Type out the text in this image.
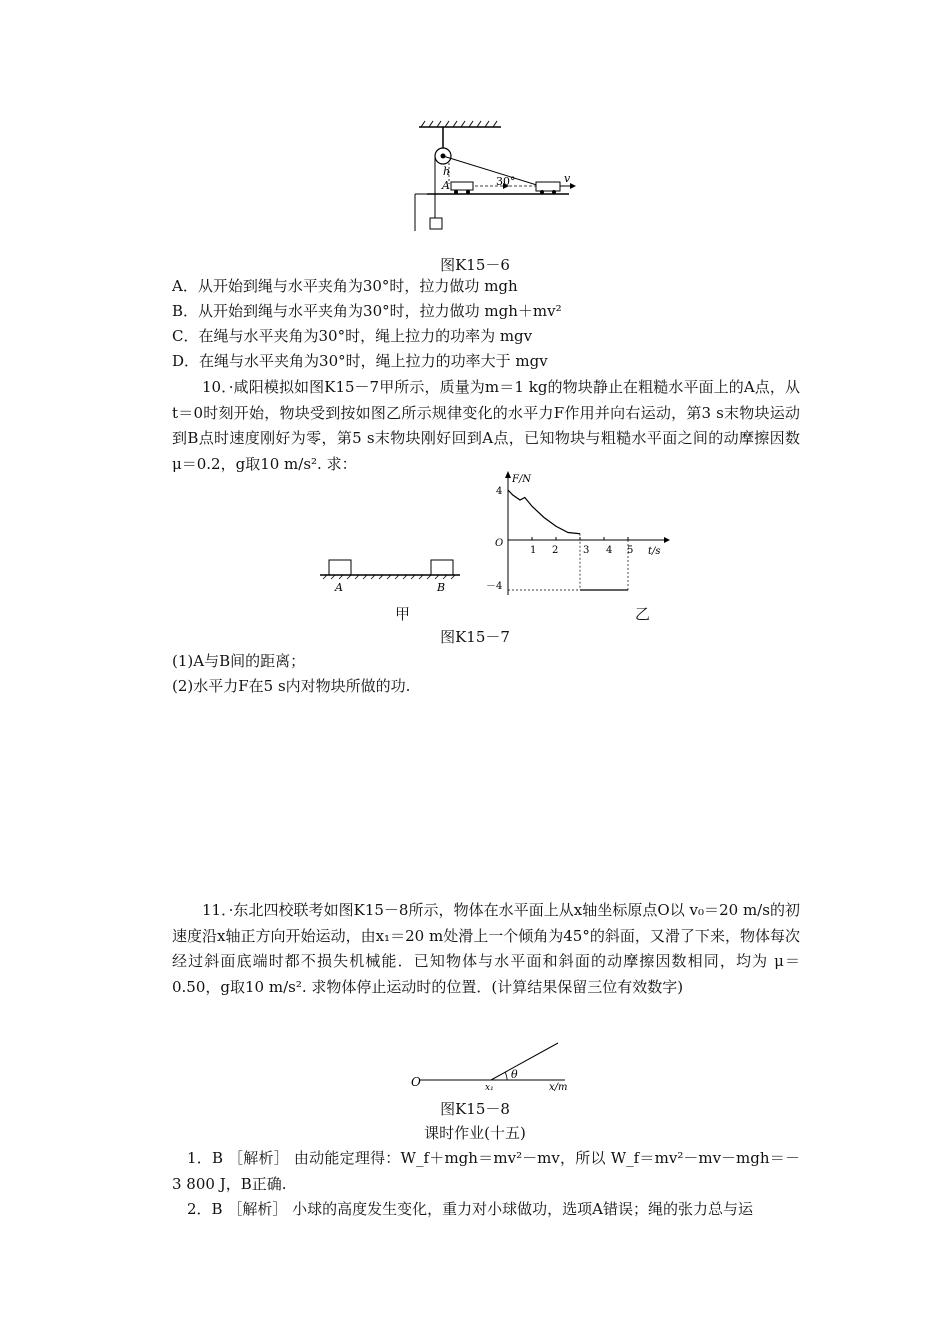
h
A	30°	v
图K15－6
A．从开始到绳与水平夹角为30°时，拉力做功 mgh
B．从开始到绳与水平夹角为30°时，拉力做功 mgh＋mv²
C．在绳与水平夹角为30°时，绳上拉力的功率为 mgv
D．在绳与水平夹角为30°时，绳上拉力的功率大于 mgv
10．·咸阳模拟如图K15－7甲所示，质量为m＝1 kg的物块静止在粗糙水平面上的A点，从 t＝0时刻开始，物块受到按如图乙所示规律变化的水平力F作用并向右运动，第3 s末物块运动到B点时速度刚好为零，第5 s末物块刚好回到A点，已知物块与粗糙水平面之间的动摩擦因数 μ＝0.2，g取10 m/s². 求：
A	B
F/N
t/s
O
4
－4
1 2 3 4 5
甲	乙
图K15－7
(1)A与B间的距离；
(2)水平力F在5 s内对物块所做的功.
11．·东北四校联考如图K15－8所示，物体在水平面上从x轴坐标原点O以 v₀＝20 m/s的初速度沿x轴正方向开始运动，由x₁＝20 m处滑上一个倾角为45°的斜面，又滑了下来，物体每次经过斜面底端时都不损失机械能．已知物体与水平面和斜面的动摩擦因数相同，均为 μ＝0.50，g取10 m/s². 求物体停止运动时的位置．(计算结果保留三位有效数字)
O	x₁
θ
x/m
图K15－8
课时作业(十五)
1．B ［解析］ 由动能定理得：W_f＋mgh＝mv²－mv，所以 W_f＝mv²－mv－mgh＝－3 800 J，B正确.
2．B ［解析］ 小球的高度发生变化，重力对小球做功，选项A错误；绳的张力总与运
